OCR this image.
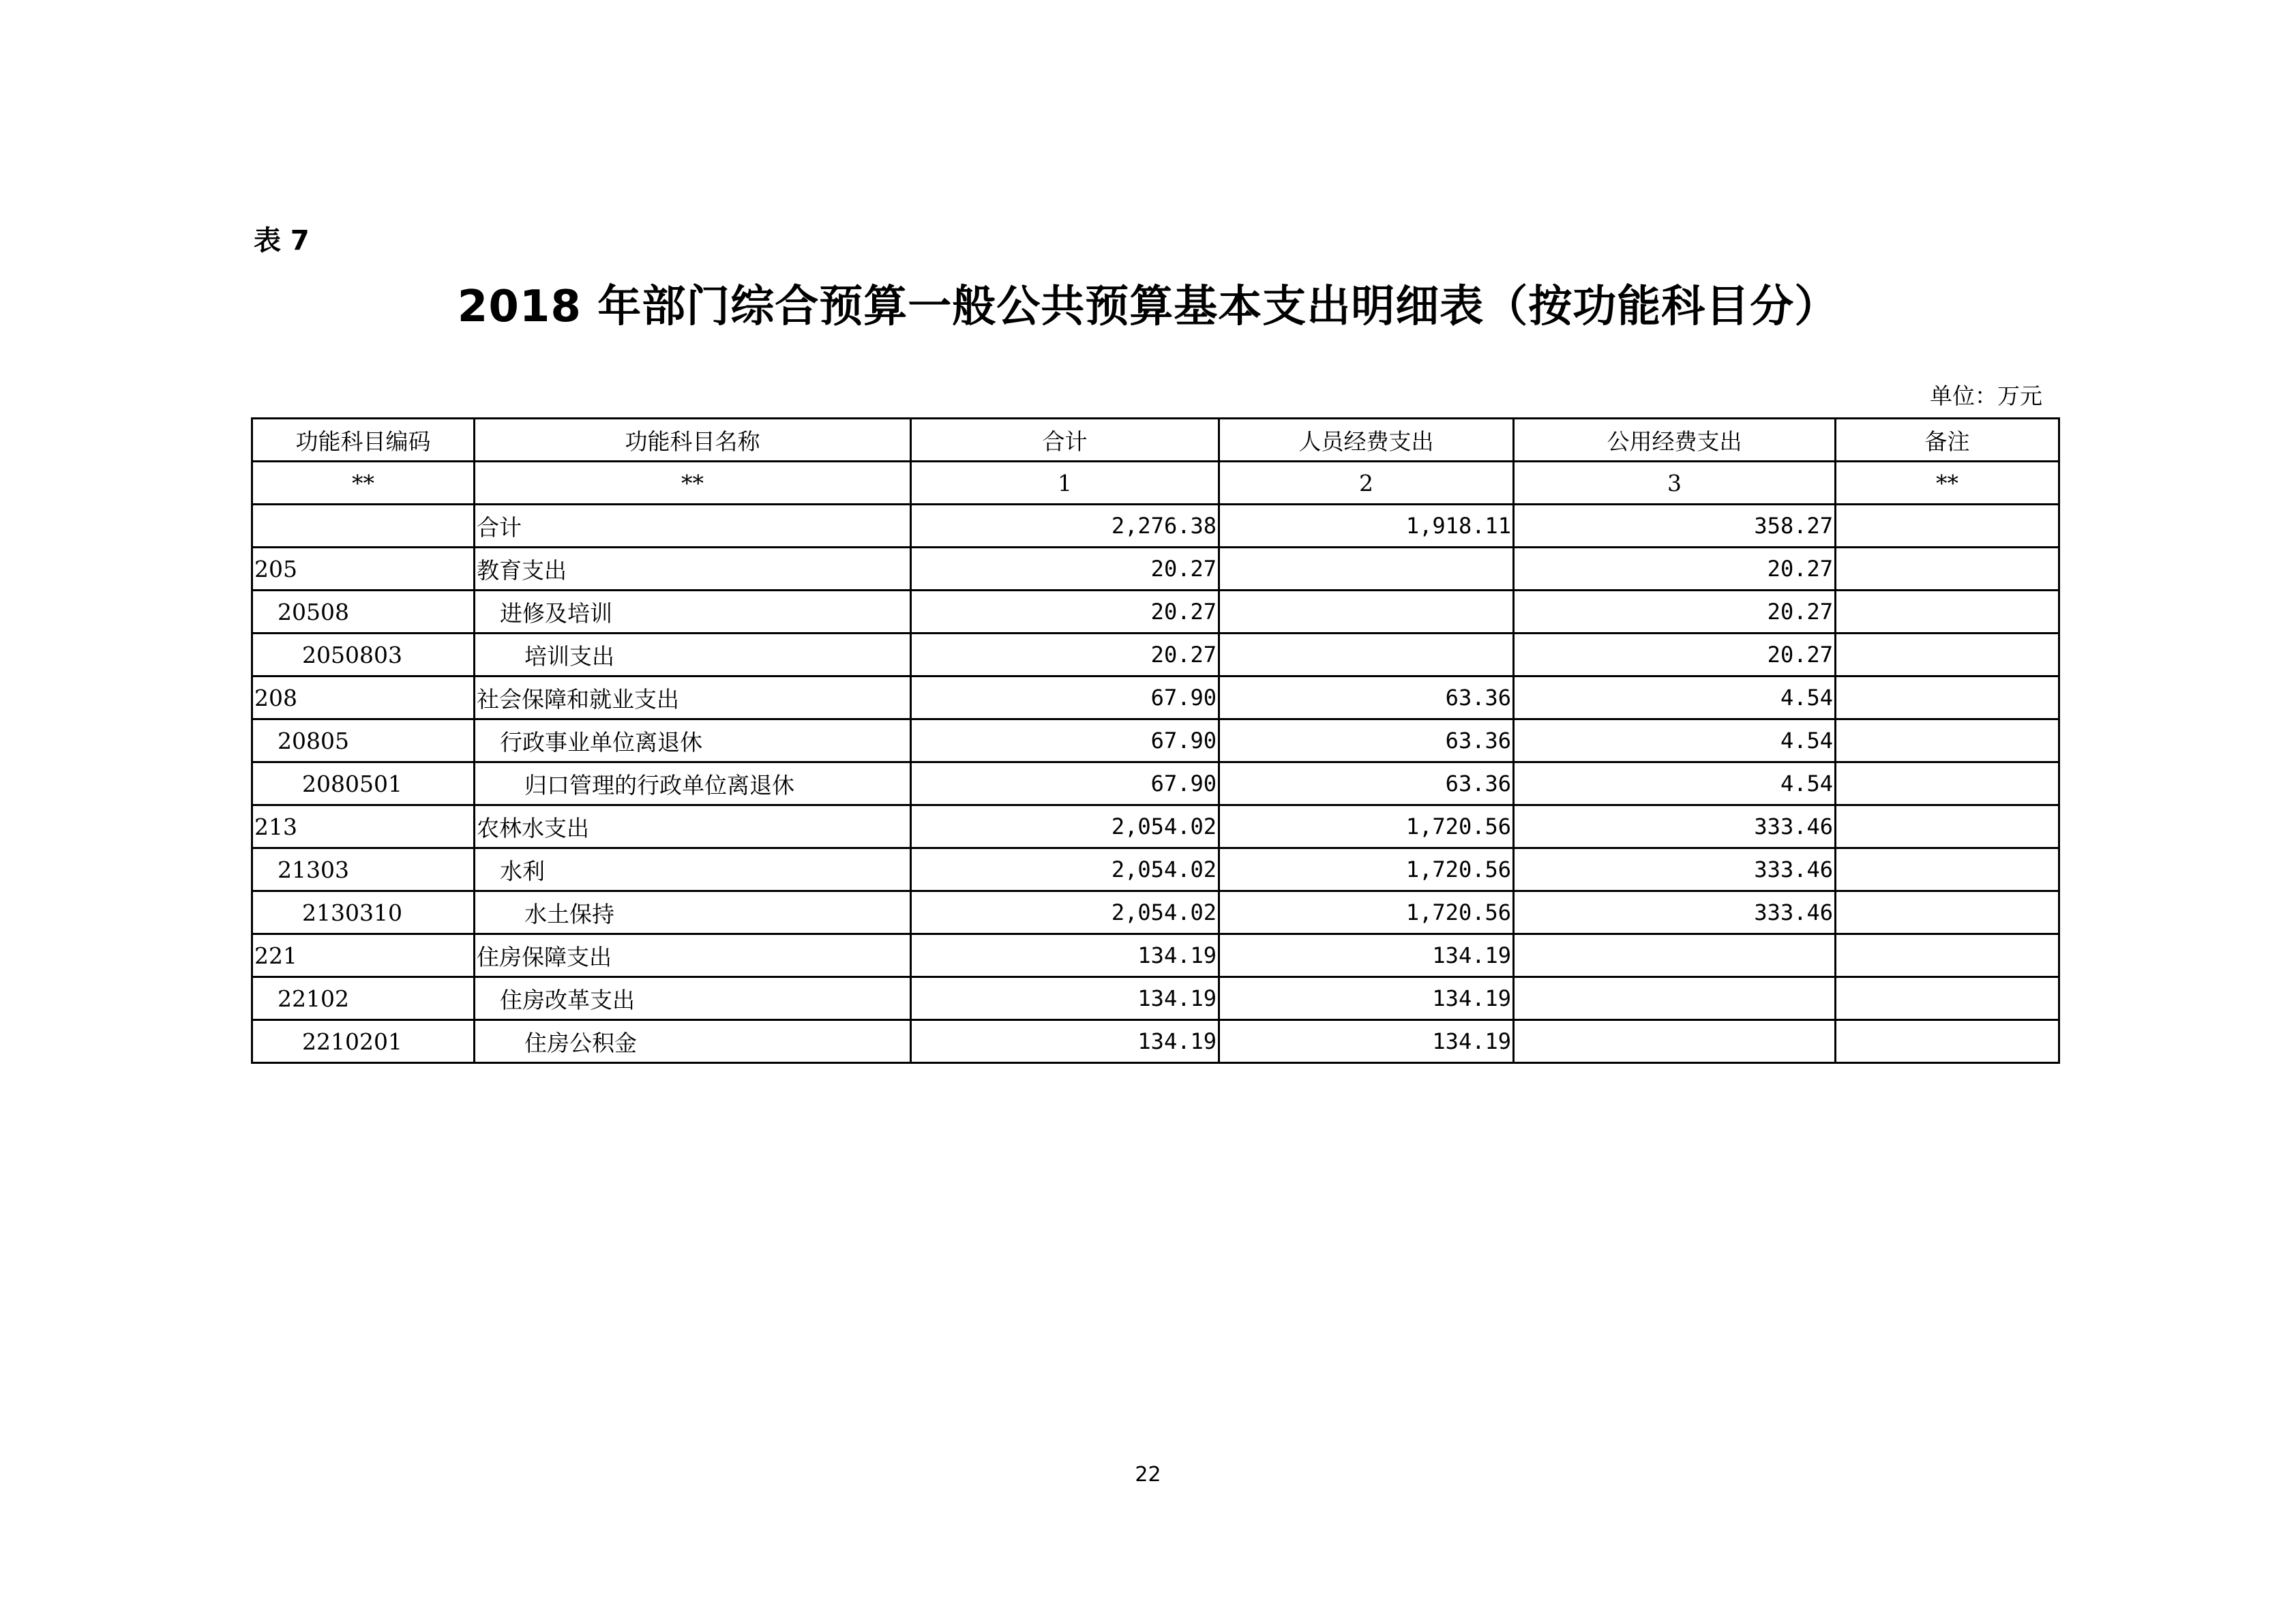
表 7
2018 年部门综合预算一般公共预算基本支出明细表（按功能科目分）
单位：万元
功能科目编码	功能科目名称	合计	人员经费支出	公用经费支出	备注
**	**	1	2	3	**
	合计	2,276.38	1,918.11	358.27	
205	教育支出	20.27		20.27	
20508	进修及培训	20.27		20.27	
2050803	培训支出	20.27		20.27	
208	社会保障和就业支出	67.90	63.36	4.54	
20805	行政事业单位离退休	67.90	63.36	4.54	
2080501	归口管理的行政单位离退休	67.90	63.36	4.54	
213	农林水支出	2,054.02	1,720.56	333.46	
21303	水利	2,054.02	1,720.56	333.46	
2130310	水土保持	2,054.02	1,720.56	333.46	
221	住房保障支出	134.19	134.19		
22102	住房改革支出	134.19	134.19		
2210201	住房公积金	134.19	134.19		
22
